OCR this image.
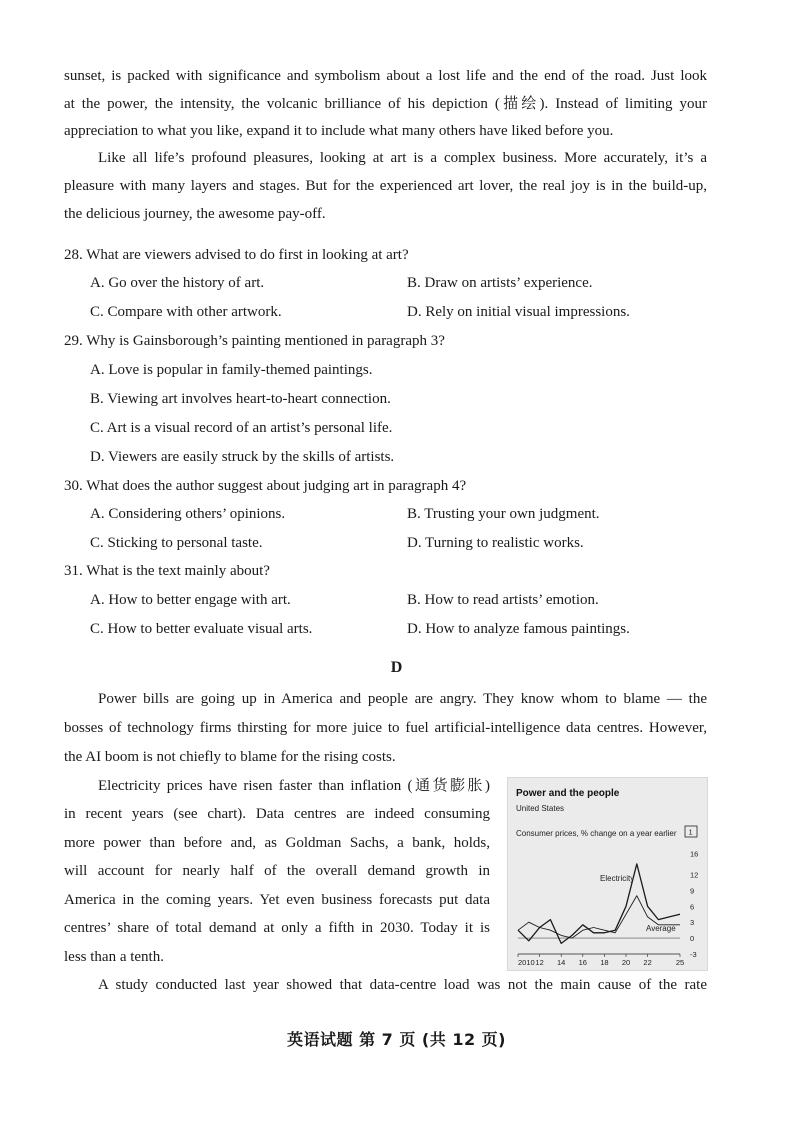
sunset, is packed with significance and symbolism about a lost life and the end of the road. Just look
at the power, the intensity, the volcanic brilliance of his depiction (描绘). Instead of limiting your
appreciation to what you like, expand it to include what many others have liked before you.
Like all life’s profound pleasures, looking at art is a complex business. More accurately, it’s a
pleasure with many layers and stages. But for the experienced art lover, the real joy is in the build-up,
the delicious journey, the awesome pay-off.
28. What are viewers advised to do first in looking at art?
A. Go over the history of art.	B. Draw on artists’ experience.
C. Compare with other artwork.	D. Rely on initial visual impressions.
29. Why is Gainsborough’s painting mentioned in paragraph 3?
A. Love is popular in family-themed paintings.
B. Viewing art involves heart-to-heart connection.
C. Art is a visual record of an artist’s personal life.
D. Viewers are easily struck by the skills of artists.
30. What does the author suggest about judging art in paragraph 4?
A. Considering others’ opinions.	B. Trusting your own judgment.
C. Sticking to personal taste.	D. Turning to realistic works.
31. What is the text mainly about?
A. How to better engage with art.	B. How to read artists’ emotion.
C. How to better evaluate visual arts.	D. How to analyze famous paintings.
D
Power bills are going up in America and people are angry. They know whom to blame — the
bosses of technology firms thirsting for more juice to fuel artificial-intelligence data centres. However,
the AI boom is not chiefly to blame for the rising costs.
Electricity prices have risen faster than inflation (通货膨胀)
in recent years (see chart). Data centres are indeed consuming
more power than before and, as Goldman Sachs, a bank, holds,
will account for nearly half of the overall demand growth in
America in the coming years. Yet even business forecasts put data
centres’ share of total demand at only a fifth in 2030. Today it is
less than a tenth.
A study conducted last year showed that data-centre load was not the main cause of the rate
Power and the people
United States
Consumer prices, % change on a year earlier 1
-3
0
3
6
9
12
16
2010 12 14 16 18 20 22	25
Electricity
Average
英语试题 第 7 页 (共 12 页)
